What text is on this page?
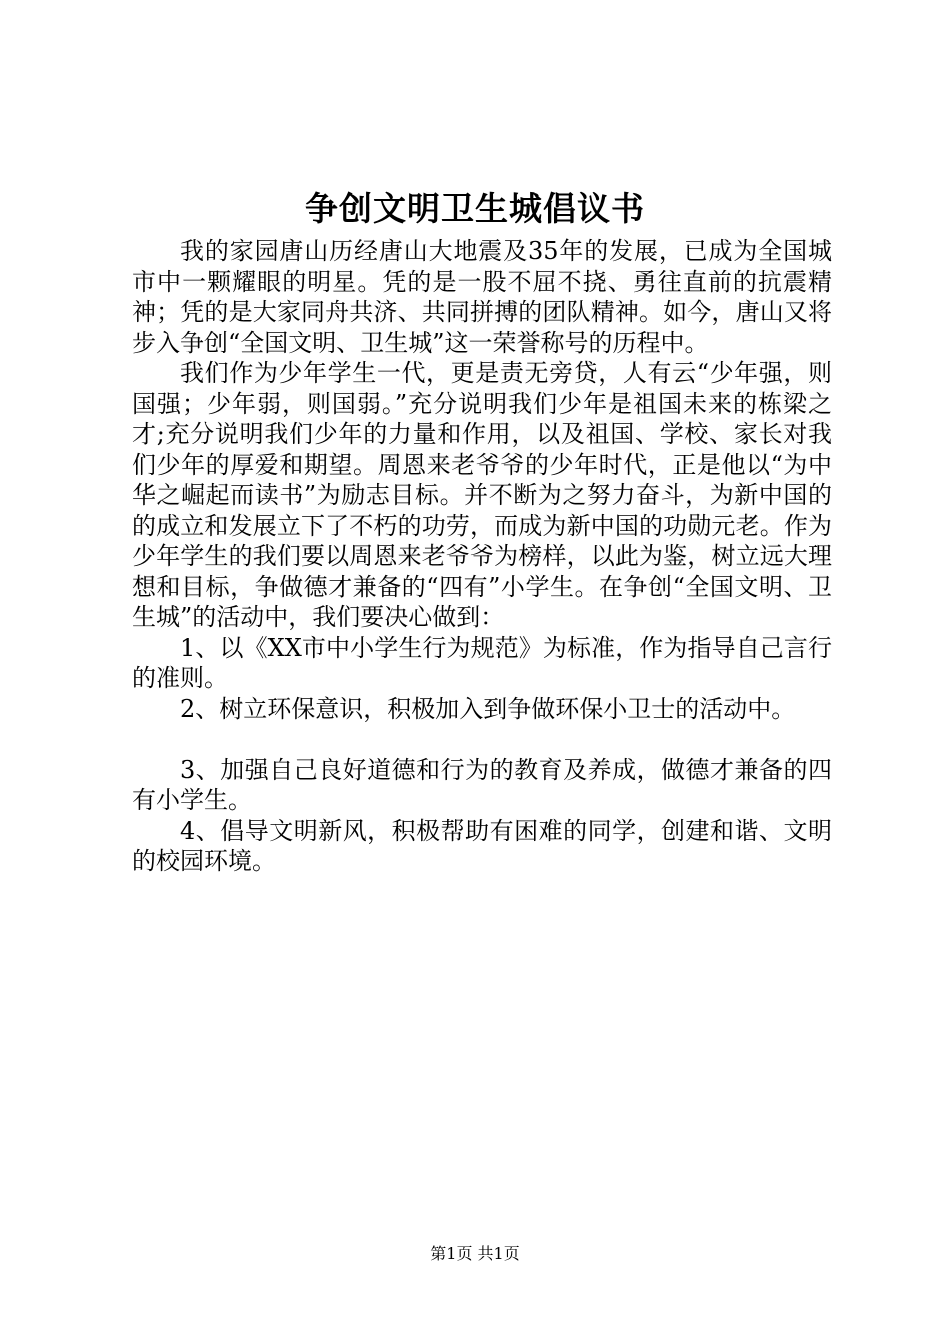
争创文明卫生城倡议书

我的家园唐山历经唐山大地震及35年的发展，已成为全国城市中一颗耀眼的明星。凭的是一股不屈不挠、勇往直前的抗震精神；凭的是大家同舟共济、共同拼搏的团队精神。如今，唐山又将步入争创“全国文明、卫生城”这一荣誉称号的历程中。

我们作为少年学生一代，更是责无旁贷，人有云“少年强，则国强；少年弱，则国弱。”充分说明我们少年是祖国未来的栋梁之才;充分说明我们少年的力量和作用，以及祖国、学校、家长对我们少年的厚爱和期望。周恩来老爷爷的少年时代，正是他以“为中华之崛起而读书”为励志目标。并不断为之努力奋斗，为新中国的的成立和发展立下了不朽的功劳，而成为新中国的功勋元老。作为少年学生的我们要以周恩来老爷爷为榜样，以此为鉴，树立远大理想和目标，争做德才兼备的“四有”小学生。在争创“全国文明、卫生城”的活动中，我们要决心做到：

1、以《XX市中小学生行为规范》为标准，作为指导自己言行的准则。

2、树立环保意识，积极加入到争做环保小卫士的活动中。

3、加强自己良好道德和行为的教育及养成，做德才兼备的四有小学生。

4、倡导文明新风，积极帮助有困难的同学，创建和谐、文明的校园环境。

第1页 共1页
